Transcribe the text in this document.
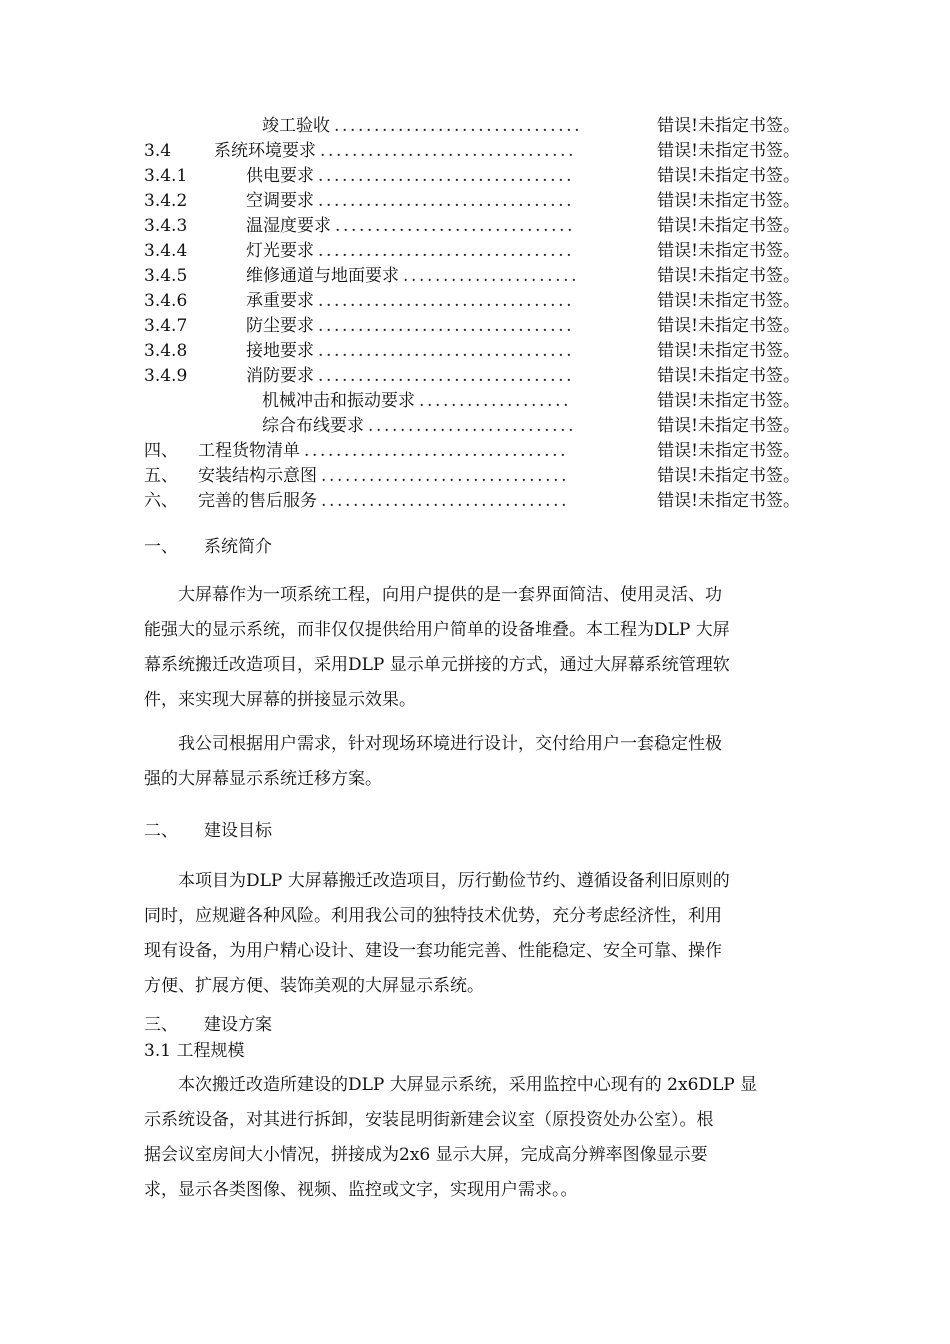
竣工验收 ...............................	错误!未指定书签。
3.4	系统环境要求 ................................	错误!未指定书签。
3.4.1	供电要求 ................................	错误!未指定书签。
3.4.2	空调要求 ................................	错误!未指定书签。
3.4.3	温湿度要求 ..............................	错误!未指定书签。
3.4.4	灯光要求 ................................	错误!未指定书签。
3.4.5	维修通道与地面要求 ......................	错误!未指定书签。
3.4.6	承重要求 ................................	错误!未指定书签。
3.4.7	防尘要求 ................................	错误!未指定书签。
3.4.8	接地要求 ................................	错误!未指定书签。
3.4.9	消防要求 ................................	错误!未指定书签。
机械冲击和振动要求 ...................	错误!未指定书签。
综合布线要求 ..........................	错误!未指定书签。
四、 工程货物清单 .................................	错误!未指定书签。
五、 安装结构示意图 ...............................	错误!未指定书签。
六、 完善的售后服务 ...............................	错误!未指定书签。
一、 系统简介
大屏幕作为一项系统工程，向用户提供的是一套界面简洁、使用灵活、功
能强大的显示系统，而非仅仅提供给用户简单的设备堆叠。本工程为DLP 大屏
幕系统搬迁改造项目，采用DLP 显示单元拼接的方式，通过大屏幕系统管理软
件，来实现大屏幕的拼接显示效果。
我公司根据用户需求，针对现场环境进行设计，交付给用户一套稳定性极
强的大屏幕显示系统迁移方案。
二、 建设目标
本项目为DLP 大屏幕搬迁改造项目，厉行勤俭节约、遵循设备利旧原则的
同时，应规避各种风险。利用我公司的独特技术优势，充分考虑经济性，利用
现有设备，为用户精心设计、建设一套功能完善、性能稳定、安全可靠、操作
方便、扩展方便、装饰美观的大屏显示系统。
三、 建设方案
3.1 工程规模
本次搬迁改造所建设的DLP 大屏显示系统，采用监控中心现有的 2x6DLP 显
示系统设备，对其进行拆卸，安装昆明街新建会议室（原投资处办公室）。根
据会议室房间大小情况，拼接成为2x6 显示大屏，完成高分辨率图像显示要
求，显示各类图像、视频、监控或文字，实现用户需求。。
